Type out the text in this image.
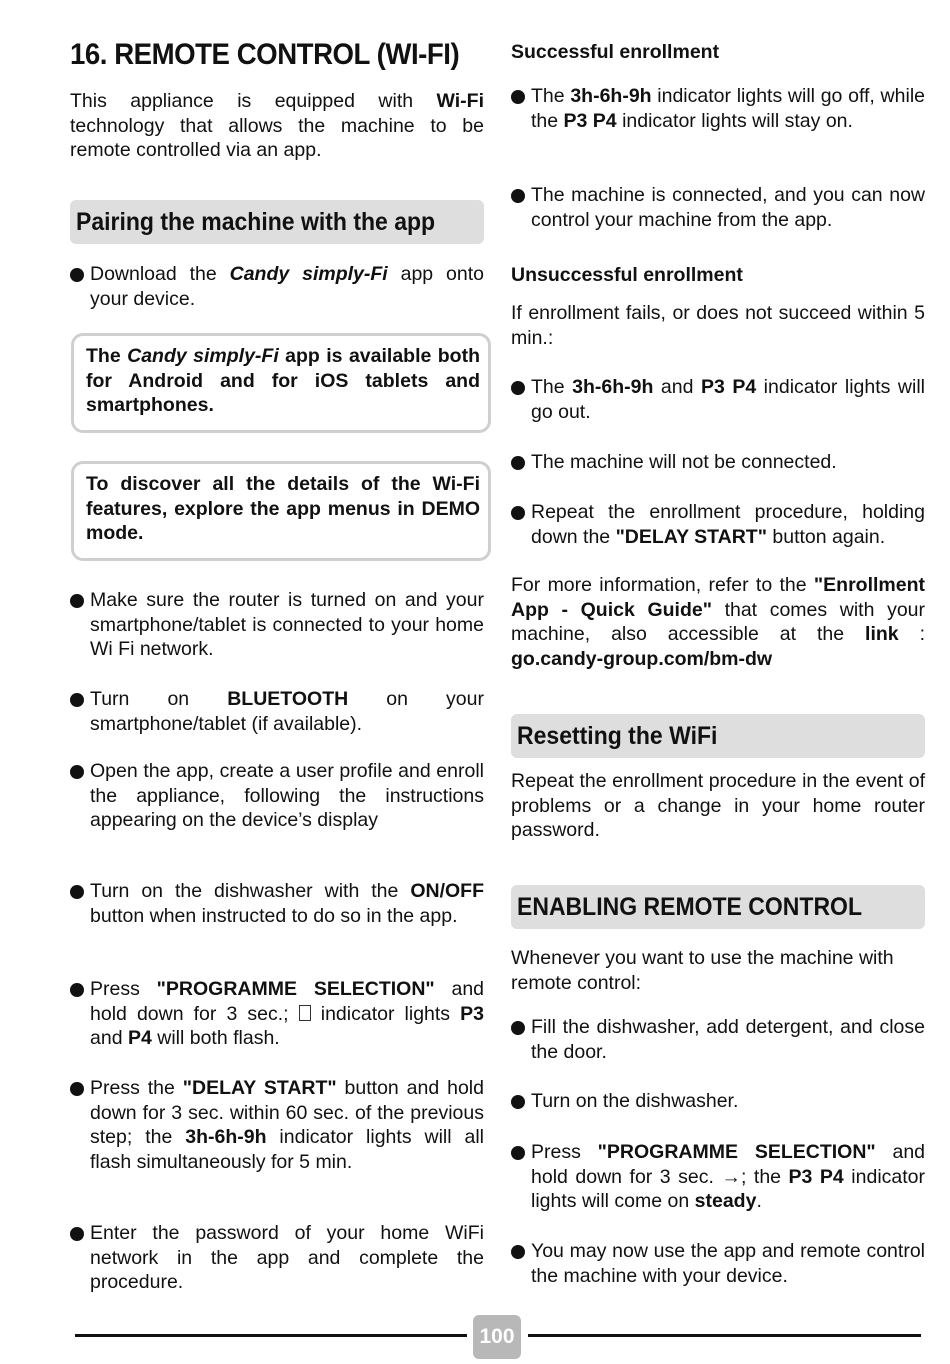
16. REMOTE CONTROL (WI-FI)

This appliance is equipped with Wi-Fi technology that allows the machine to be remote controlled via an app.

Pairing the machine with the app
Download the Candy simply-Fi app onto your device.
The Candy simply-Fi app is available both for Android and for iOS tablets and smartphones.
To discover all the details of the Wi-Fi features, explore the app menus in DEMO mode.
Make sure the router is turned on and your smartphone/tablet is connected to your home Wi Fi network.
Turn on BLUETOOTH on your smartphone/tablet (if available).
Open the app, create a user profile and enroll the appliance, following the instructions appearing on the device’s display
Turn on the dishwasher with the ON/OFF button when instructed to do so in the app.
Press "PROGRAMME SELECTION" and hold down for 3 sec.;  indicator lights P3 and P4 will both flash.
Press the "DELAY START" button and hold down for 3 sec. within 60 sec. of the previous step; the 3h-6h-9h indicator lights will all flash simultaneously for 5 min.
Enter the password of your home WiFi network in the app and complete the procedure.
Successful enrollment
The 3h-6h-9h indicator lights will go off, while the P3 P4 indicator lights will stay on.
The machine is connected, and you can now control your machine from the app.
Unsuccessful enrollment

If enrollment fails, or does not succeed within 5 min.:

The 3h-6h-9h and P3 P4 indicator lights will go out.
The machine will not be connected.
Repeat the enrollment procedure, holding down the "DELAY START" button again.

For more information, refer to the "Enrollment App - Quick Guide" that comes with your machine, also accessible at the link : go.candy-group.com/bm-dw

Resetting the WiFi

Repeat the enrollment procedure in the event of problems or a change in your home router password.

ENABLING REMOTE CONTROL

Whenever you want to use the machine with remote control:

Fill the dishwasher, add detergent, and close the door.
Turn on the dishwasher.
Press "PROGRAMME SELECTION" and hold down for 3 sec. →; the P3 P4 indicator lights will come on steady.
You may now use the app and remote control the machine with your device.
100
